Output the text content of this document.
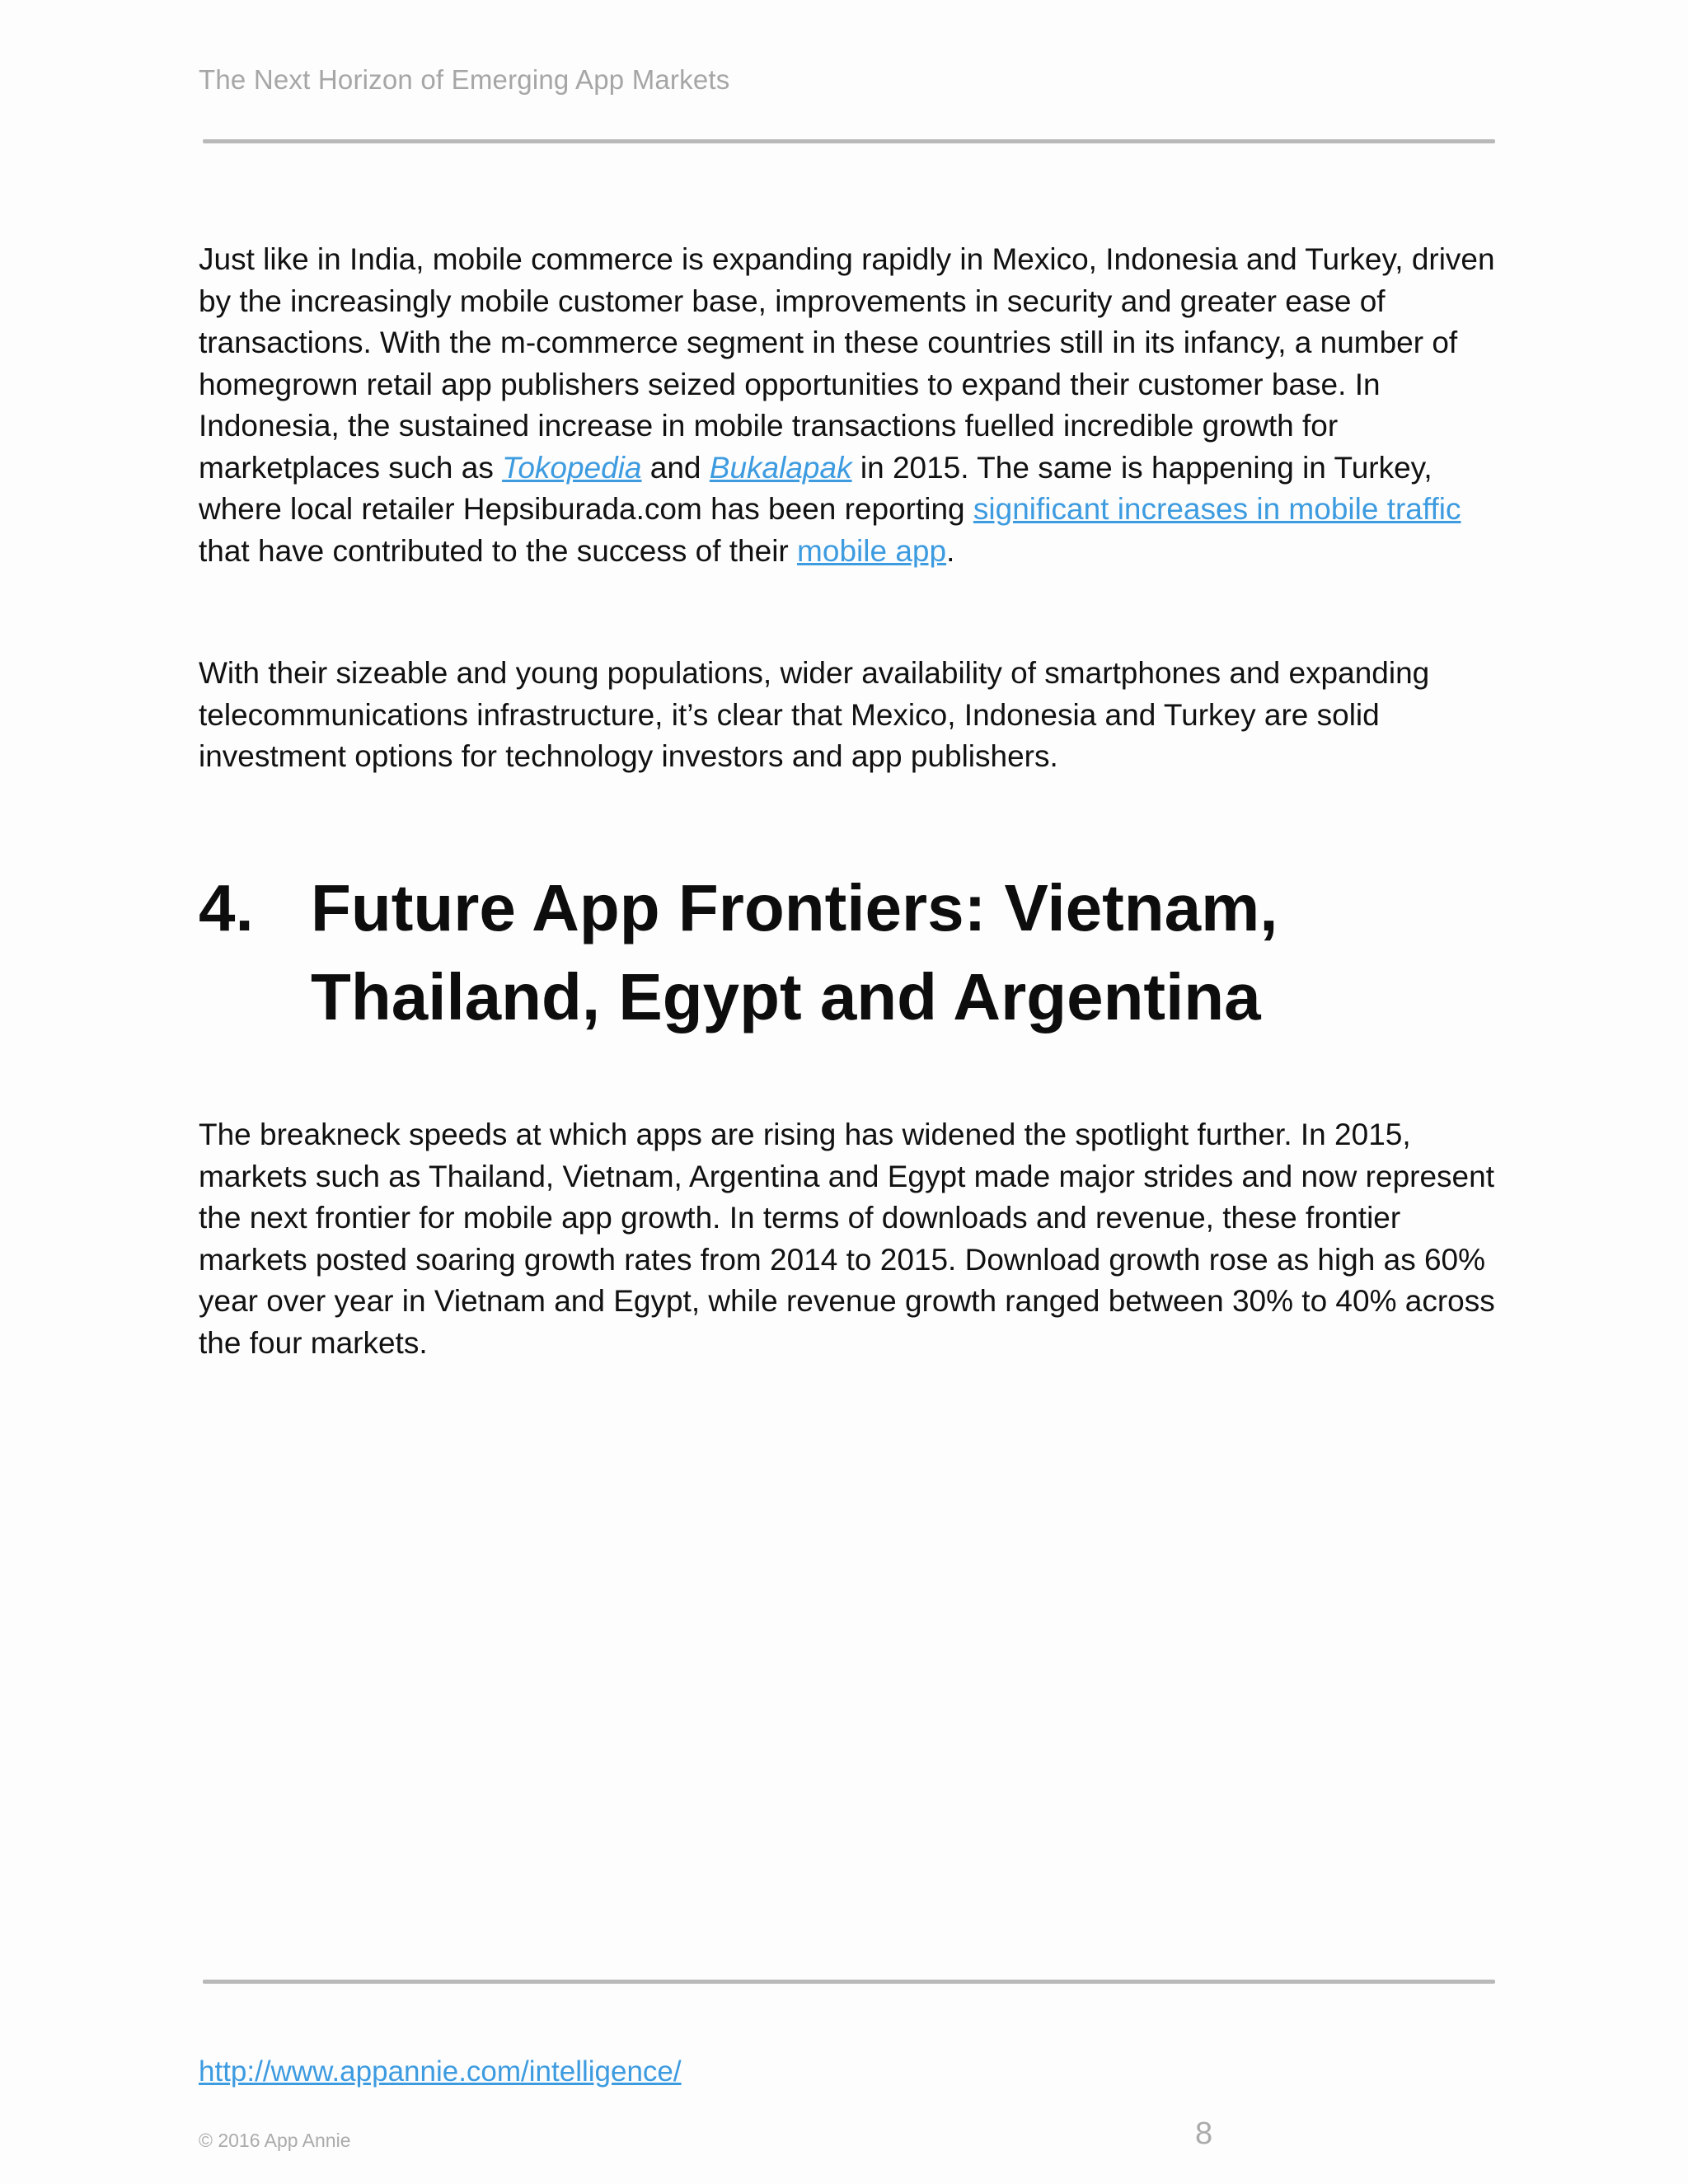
The Next Horizon of Emerging App Markets

Just like in India, mobile commerce is expanding rapidly in Mexico, Indonesia and Turkey, driven by the increasingly mobile customer base, improvements in security and greater ease of transactions. With the m-commerce segment in these countries still in its infancy, a number of homegrown retail app publishers seized opportunities to expand their customer base. In Indonesia, the sustained increase in mobile transactions fuelled incredible growth for marketplaces such as Tokopedia and Bukalapak in 2015. The same is happening in Turkey, where local retailer Hepsiburada.com has been reporting significant increases in mobile traffic that have contributed to the success of their mobile app.

With their sizeable and young populations, wider availability of smartphones and expanding telecommunications infrastructure, it’s clear that Mexico, Indonesia and Turkey are solid investment options for technology investors and app publishers.

4. Future App Frontiers: Vietnam,
Thailand, Egypt and Argentina

The breakneck speeds at which apps are rising has widened the spotlight further. In 2015, markets such as Thailand, Vietnam, Argentina and Egypt made major strides and now represent the next frontier for mobile app growth. In terms of downloads and revenue, these frontier markets posted soaring growth rates from 2014 to 2015. Download growth rose as high as 60% year over year in Vietnam and Egypt, while revenue growth ranged between 30% to 40% across the four markets.

http://www.appannie.com/intelligence/
© 2016 App Annie	8
